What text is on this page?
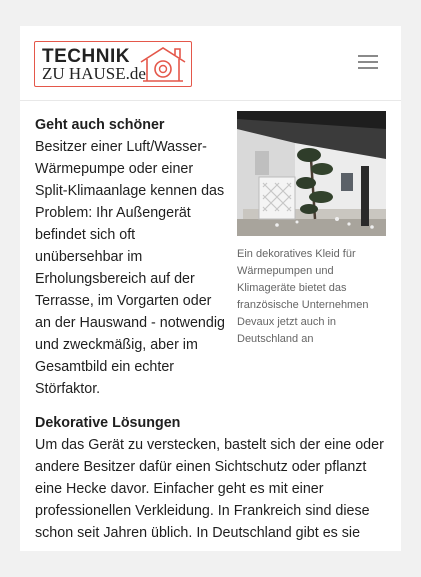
TECHNIK
ZU HAUSE.de
Geht auch schöner
Besitzer einer Luft/Wasser-Wärmepumpe oder einer Split-Klimaanlage kennen das Problem: Ihr Außengerät befindet sich oft unübersehbar im Erholungsbereich auf der Terrasse, im Vorgarten oder an der Hauswand - notwendig und zweckmäßig, aber im Gesamtbild ein echter Störfaktor.
Ein dekoratives Kleid für Wärmepumpen und Klimageräte bietet das französische Unternehmen Devaux jetzt auch in Deutschland an
Dekorative Lösungen
Um das Gerät zu verstecken, bastelt sich der eine oder andere Besitzer dafür einen Sichtschutz oder pflanzt eine Hecke davor. Einfacher geht es mit einer professionellen Verkleidung. In Frankreich sind diese schon seit Jahren üblich. In Deutschland gibt es sie
